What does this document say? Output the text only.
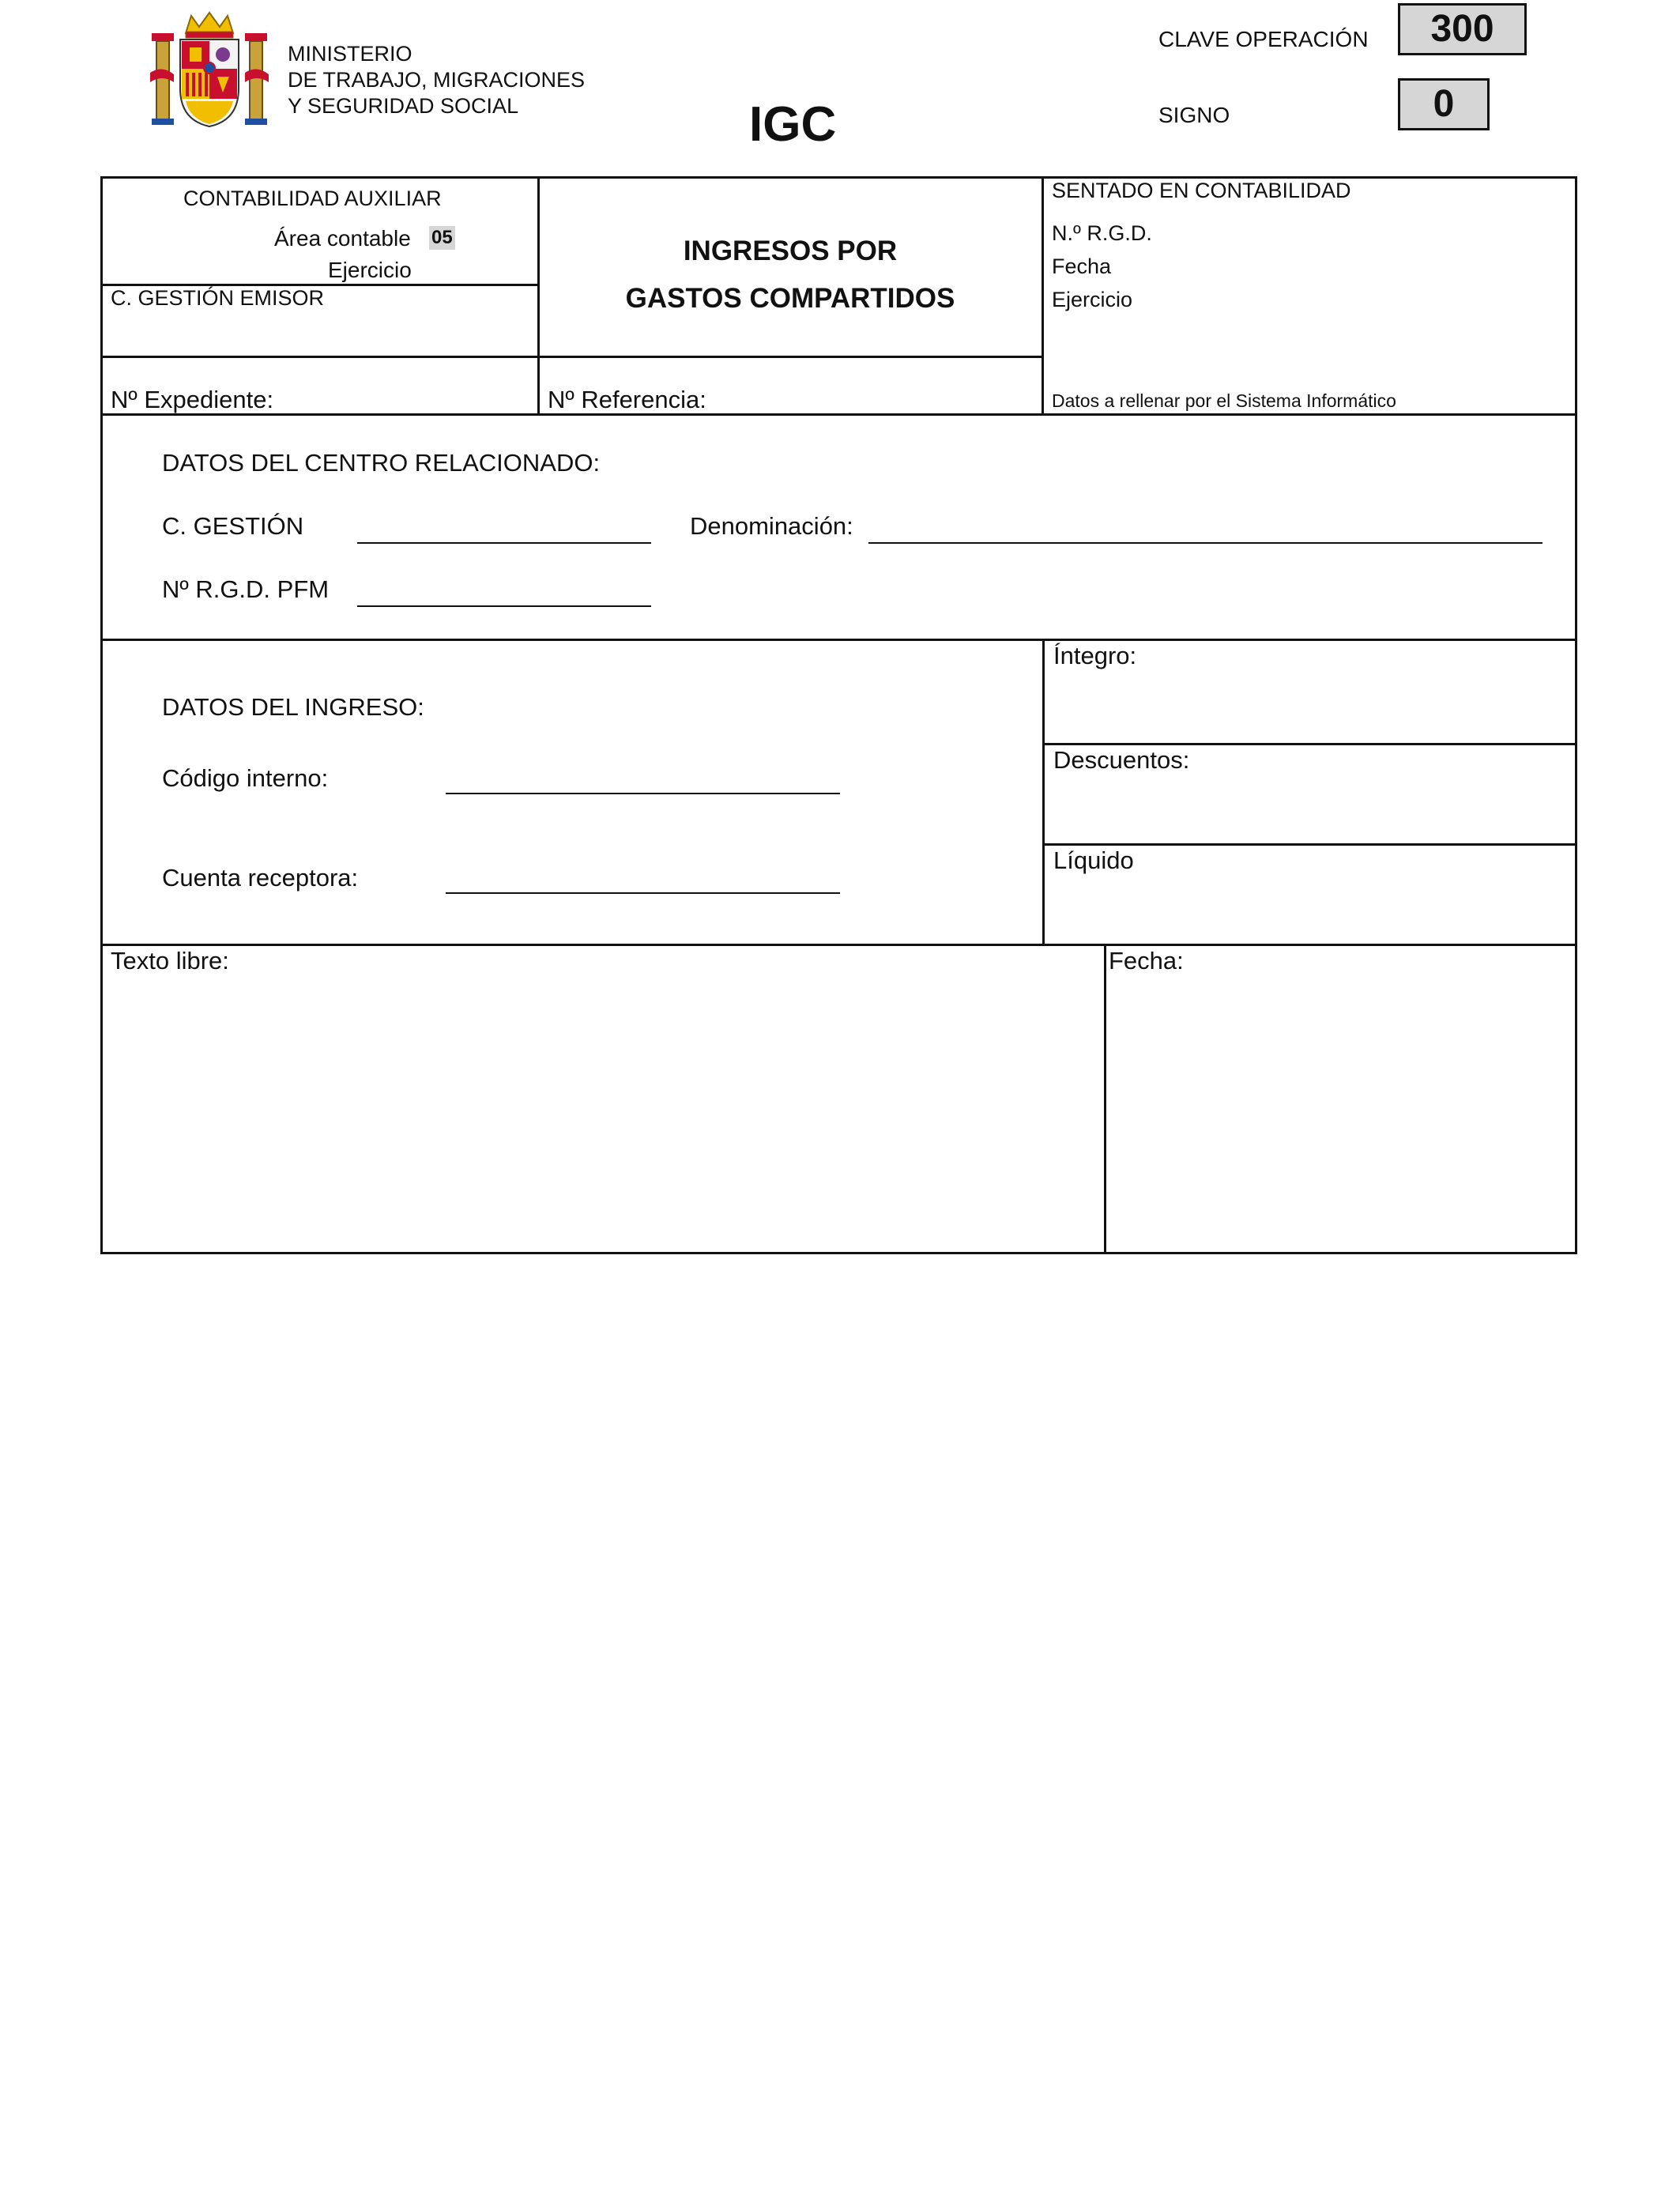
MINISTERIO
DE TRABAJO, MIGRACIONES
Y SEGURIDAD SOCIAL	IGC
CLAVE OPERACIÓN	300
SIGNO	0
CONTABILIDAD AUXILIAR
Área contable 05
Ejercicio
C. GESTIÓN EMISOR
INGRESOS POR
GASTOS COMPARTIDOS
SENTADO EN CONTABILIDAD
N.º R.G.D.
Fecha
Ejercicio
Datos a rellenar por el Sistema Informático
Nº Expediente:	Nº Referencia:
DATOS DEL CENTRO RELACIONADO:
C. GESTIÓN	Denominación:
Nº R.G.D. PFM
DATOS DEL INGRESO:
Código interno:
Cuenta receptora:
Íntegro:
Descuentos:
Líquido
Texto libre:	Fecha:
